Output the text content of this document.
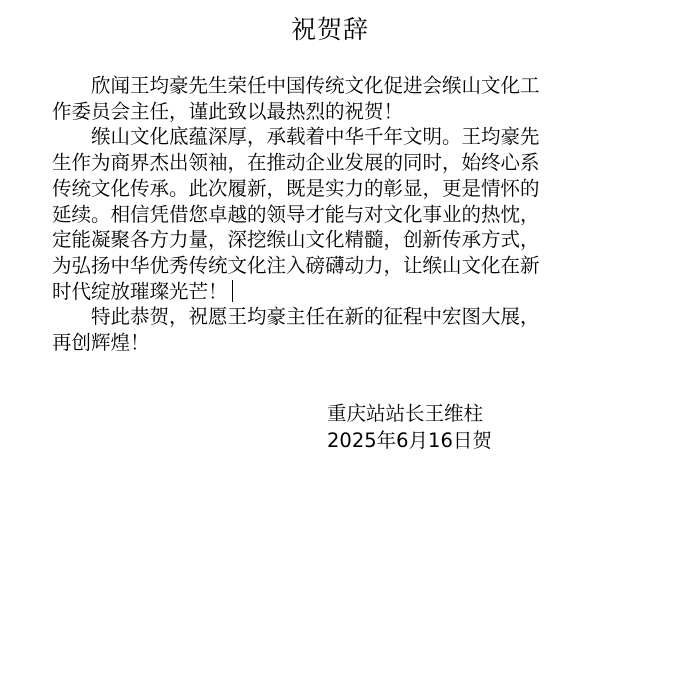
祝贺辞

欣闻王均豪先生荣任中国传统文化促进会缑山文化工
作委员会主任，谨此致以最热烈的祝贺！

缑山文化底蕴深厚，承载着中华千年文明。王均豪先
生作为商界杰出领袖，在推动企业发展的同时，始终心系
传统文化传承。此次履新，既是实力的彰显，更是情怀的
延续。相信凭借您卓越的领导才能与对文化事业的热忱，
定能凝聚各方力量，深挖缑山文化精髓，创新传承方式，
为弘扬中华优秀传统文化注入磅礴动力，让缑山文化在新
时代绽放璀璨光芒！

特此恭贺，祝愿王均豪主任在新的征程中宏图大展，
再创辉煌！

重庆站站长王维柱
2025年6月16日贺
